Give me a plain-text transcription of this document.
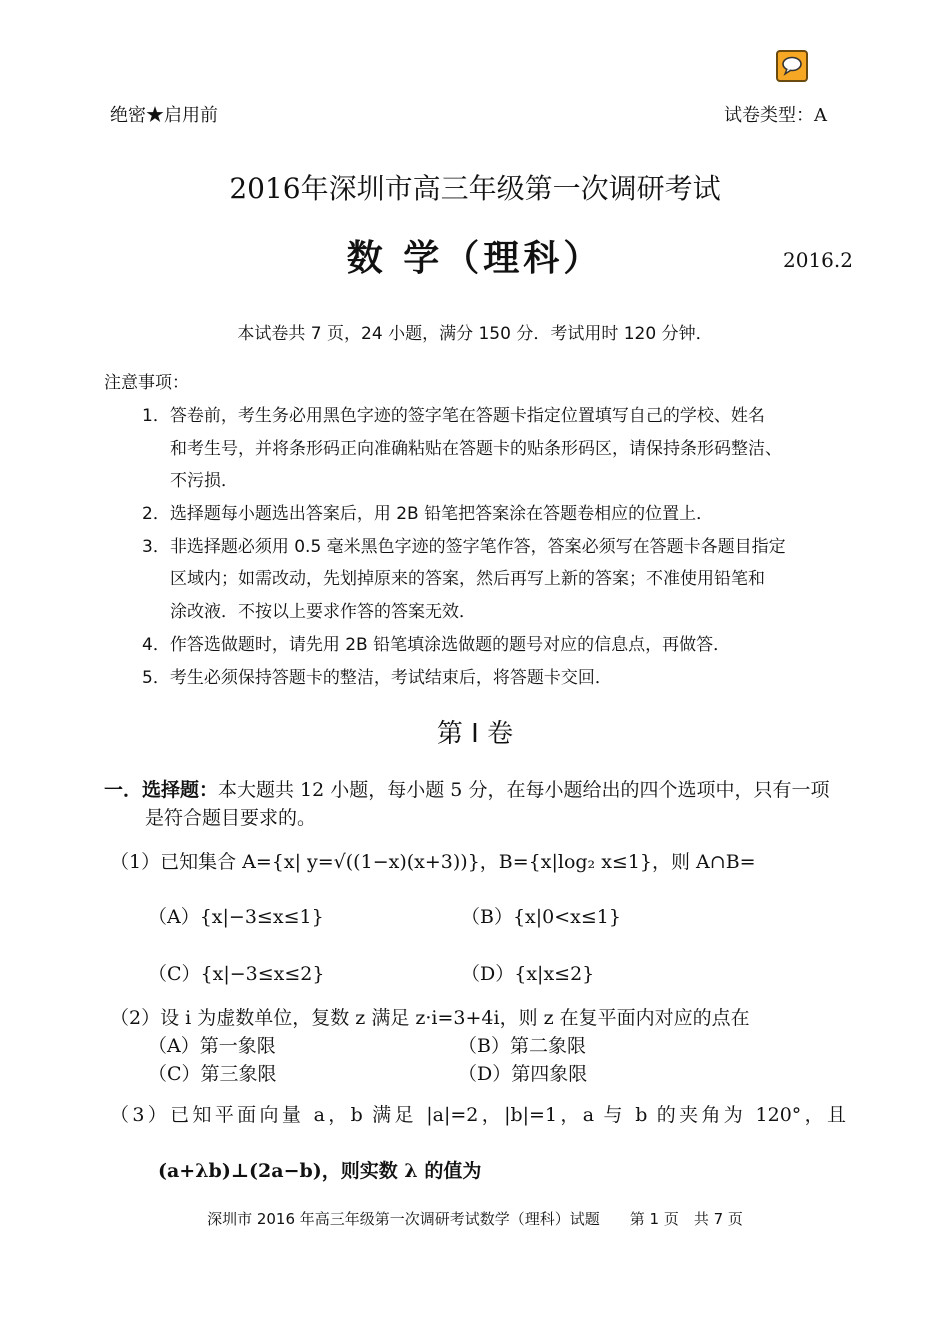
绝密★启用前	试卷类型：A
2016年深圳市高三年级第一次调研考试
数 学（理科）	2016.2
本试卷共 7 页，24 小题，满分 150 分．考试用时 120 分钟．
注意事项：
1．答卷前，考生务必用黑色字迹的签字笔在答题卡指定位置填写自己的学校、姓名
和考生号，并将条形码正向准确粘贴在答题卡的贴条形码区，请保持条形码整洁、
不污损．
2．选择题每小题选出答案后，用 2B 铅笔把答案涂在答题卷相应的位置上．
3．非选择题必须用 0.5 毫米黑色字迹的签字笔作答，答案必须写在答题卡各题目指定
区域内；如需改动，先划掉原来的答案，然后再写上新的答案；不准使用铅笔和
涂改液．不按以上要求作答的答案无效．
4．作答选做题时，请先用 2B 铅笔填涂选做题的题号对应的信息点，再做答．
5．考生必须保持答题卡的整洁，考试结束后，将答题卡交回．
第 I 卷
一．选择题：本大题共 12 小题，每小题 5 分，在每小题给出的四个选项中，只有一项
是符合题目要求的。
（1）已知集合 A={x| y=√((1−x)(x+3))}，B={x|log₂ x≤1}，则 A∩B=
（A）{x|−3≤x≤1}	（B）{x|0<x≤1}
（C）{x|−3≤x≤2}	（D）{x|x≤2}
（2）设 i 为虚数单位，复数 z 满足 z·i=3+4i，则 z 在复平面内对应的点在
（A）第一象限	（B）第二象限
（C）第三象限	（D）第四象限
（3）已知平面向量 a，b 满足 |a|=2，|b|=1，a 与 b 的夹角为 120°，且
(a+λb)⊥(2a−b)，则实数 λ 的值为
深圳市 2016 年高三年级第一次调研考试数学（理科）试题　　第 1 页　共 7 页
